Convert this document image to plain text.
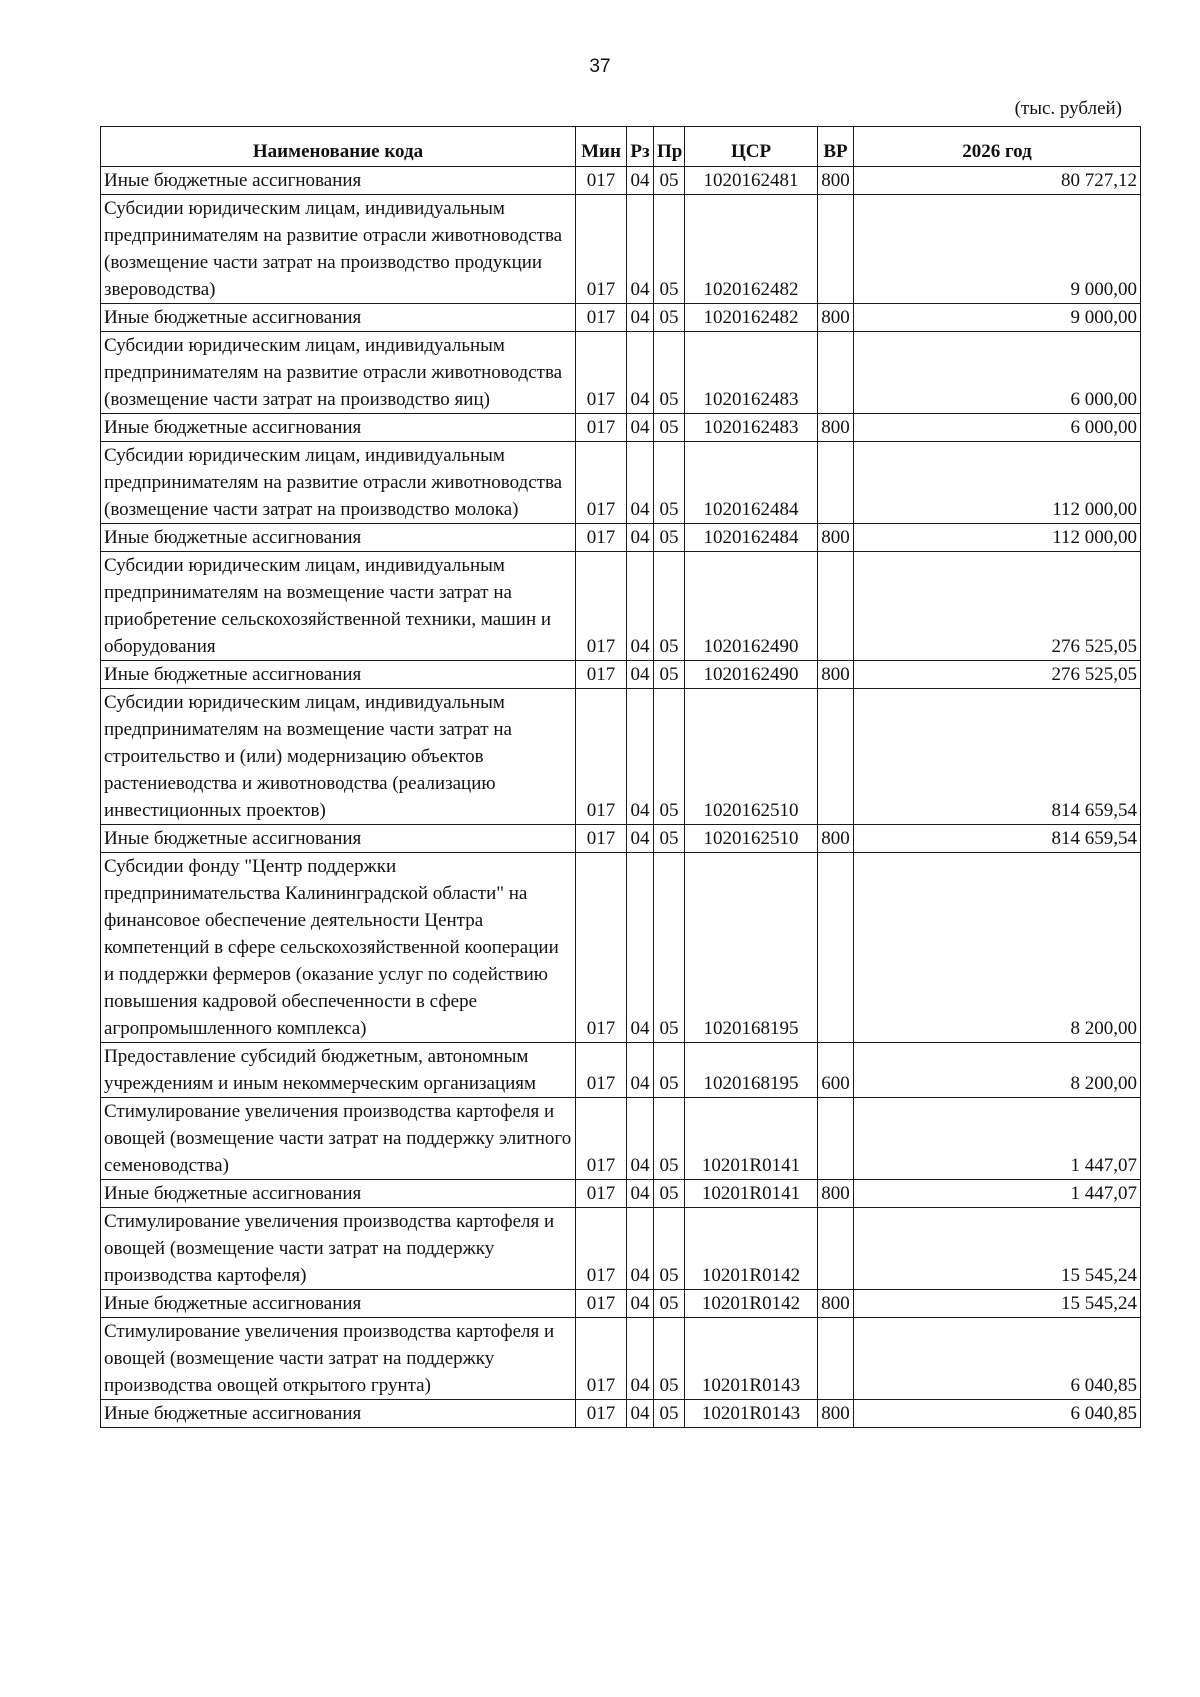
37
(тыс. рублей)
Наименование кода	Мин	Рз	Пр	ЦСР	ВР	2026 год
Иные бюджетные ассигнования	017	04	05	1020162481	800	80 727,12
Субсидии юридическим лицам, индивидуальным предпринимателям на развитие отрасли животноводства (возмещение части затрат на производство продукции звероводства)	017	04	05	1020162482		9 000,00
Иные бюджетные ассигнования	017	04	05	1020162482	800	9 000,00
Субсидии юридическим лицам, индивидуальным предпринимателям на развитие отрасли животноводства (возмещение части затрат на производство яиц)	017	04	05	1020162483		6 000,00
Иные бюджетные ассигнования	017	04	05	1020162483	800	6 000,00
Субсидии юридическим лицам, индивидуальным предпринимателям на развитие отрасли животноводства (возмещение части затрат на производство молока)	017	04	05	1020162484		112 000,00
Иные бюджетные ассигнования	017	04	05	1020162484	800	112 000,00
Субсидии юридическим лицам, индивидуальным предпринимателям на возмещение части затрат на приобретение сельскохозяйственной техники, машин и оборудования	017	04	05	1020162490		276 525,05
Иные бюджетные ассигнования	017	04	05	1020162490	800	276 525,05
Субсидии юридическим лицам, индивидуальным предпринимателям на возмещение части затрат на строительство и (или) модернизацию объектов растениеводства и животноводства (реализацию инвестиционных проектов)	017	04	05	1020162510		814 659,54
Иные бюджетные ассигнования	017	04	05	1020162510	800	814 659,54
Субсидии фонду "Центр поддержки предпринимательства Калининградской области" на финансовое обеспечение деятельности Центра компетенций в сфере сельскохозяйственной кооперации и поддержки фермеров (оказание услуг по содействию повышения кадровой обеспеченности в сфере агропромышленного комплекса)	017	04	05	1020168195		8 200,00
Предоставление субсидий бюджетным, автономным учреждениям и иным некоммерческим организациям	017	04	05	1020168195	600	8 200,00
Стимулирование увеличения производства картофеля и овощей (возмещение части затрат на поддержку элитного семеноводства)	017	04	05	10201R0141		1 447,07
Иные бюджетные ассигнования	017	04	05	10201R0141	800	1 447,07
Стимулирование увеличения производства картофеля и овощей (возмещение части затрат на поддержку производства картофеля)	017	04	05	10201R0142		15 545,24
Иные бюджетные ассигнования	017	04	05	10201R0142	800	15 545,24
Стимулирование увеличения производства картофеля и овощей (возмещение части затрат на поддержку производства овощей открытого грунта)	017	04	05	10201R0143		6 040,85
Иные бюджетные ассигнования	017	04	05	10201R0143	800	6 040,85
